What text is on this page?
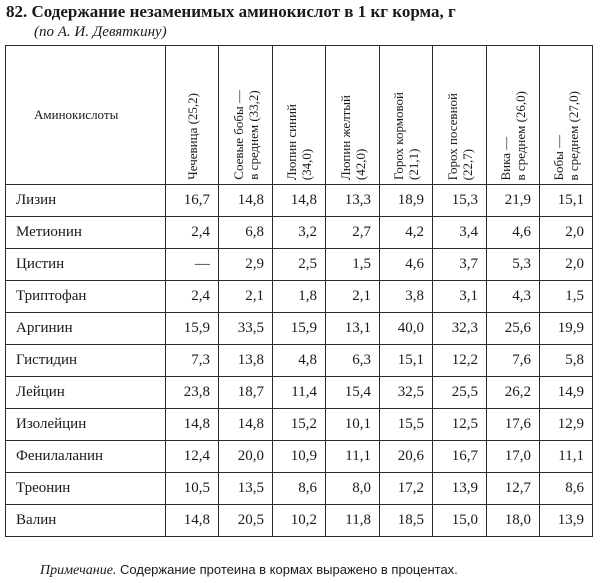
82. Содержание незаменимых аминокислот в 1 кг корма, г
(по А. И. Девяткину)
Аминокислоты	Чечевица (25,2)	Соевые бобы — в среднем (33,2)	Люпин синий (34,0)	Люпин желтый (42,0)	Горох кормовой (21,1)	Горох посевной (22,7)	Вика — в среднем (26,0)	Бобы — в среднем (27,0)

Лизин	16,7	14,8	14,8	13,3	18,9	15,3	21,9	15,1
Метионин	2,4	6,8	3,2	2,7	4,2	3,4	4,6	2,0
Цистин	—	2,9	2,5	1,5	4,6	3,7	5,3	2,0
Триптофан	2,4	2,1	1,8	2,1	3,8	3,1	4,3	1,5
Аргинин	15,9	33,5	15,9	13,1	40,0	32,3	25,6	19,9
Гистидин	7,3	13,8	4,8	6,3	15,1	12,2	7,6	5,8
Лейцин	23,8	18,7	11,4	15,4	32,5	25,5	26,2	14,9
Изолейцин	14,8	14,8	15,2	10,1	15,5	12,5	17,6	12,9
Фенилаланин	12,4	20,0	10,9	11,1	20,6	16,7	17,0	11,1
Треонин	10,5	13,5	8,6	8,0	17,2	13,9	12,7	8,6
Валин	14,8	20,5	10,2	11,8	18,5	15,0	18,0	13,9
Примечание. Содержание протеина в кормах выражено в процентах.
